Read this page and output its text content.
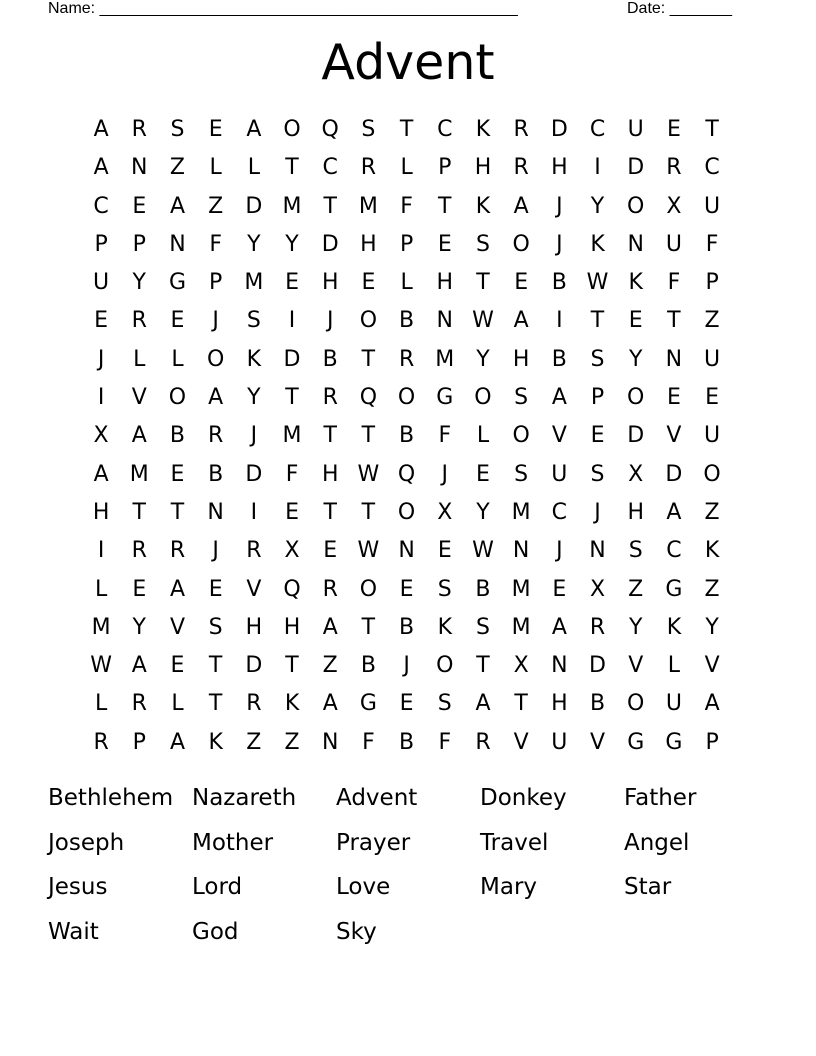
Name: _______________________________________________	Date: _______
Advent
A	R	S	E	A O Q	S	T	C	K	R	D	C	U	E	T
A	N	Z	L	L	T	C	R	L	P	H	R	H	I	D	R	C
C	E	A	Z	D M T M	F	T	K	A	J	Y	O X	U
P	P	N	F	Y	Y	D H	P	E	S	O	J	K	N U	F
U	Y	G	P	M E	H	E	L	H	T	E	B W K	F	P
E	R	E	J	S	I	J	O B	N W A	I	T	E	T	Z
J	L	L	O	K	D	B	T	R M Y	H	B	S	Y	N U
I	V O	A	Y	T	R Q O G O	S	A	P	O	E	E
X	A	B	R	J	M T	T	B	F	L	O	V	E	D	V	U
A M E	B	D	F	H W Q	J	E	S	U	S	X	D O
H	T	T	N	I	E	T	T	O X	Y M C	J	H	A	Z
I	R	R	J	R	X	E W N	E W N	J	N	S	C	K
L	E	A	E	V Q R O	E	S	B M E	X	Z	G	Z
M Y	V	S	H H	A	T	B	K	S M A	R	Y	K	Y
W A	E	T	D	T	Z	B	J	O	T	X	N D	V	L	V
L	R	L	T	R	K	A	G	E	S	A	T	H	B O U	A
R	P	A	K	Z	Z	N	F	B	F	R	V	U	V	G G	P
Bethlehem Nazareth	Advent	Donkey	Father
Joseph	Mother	Prayer	Travel	Angel
Jesus	Lord	Love	Mary	Star
Wait	God	Sky
